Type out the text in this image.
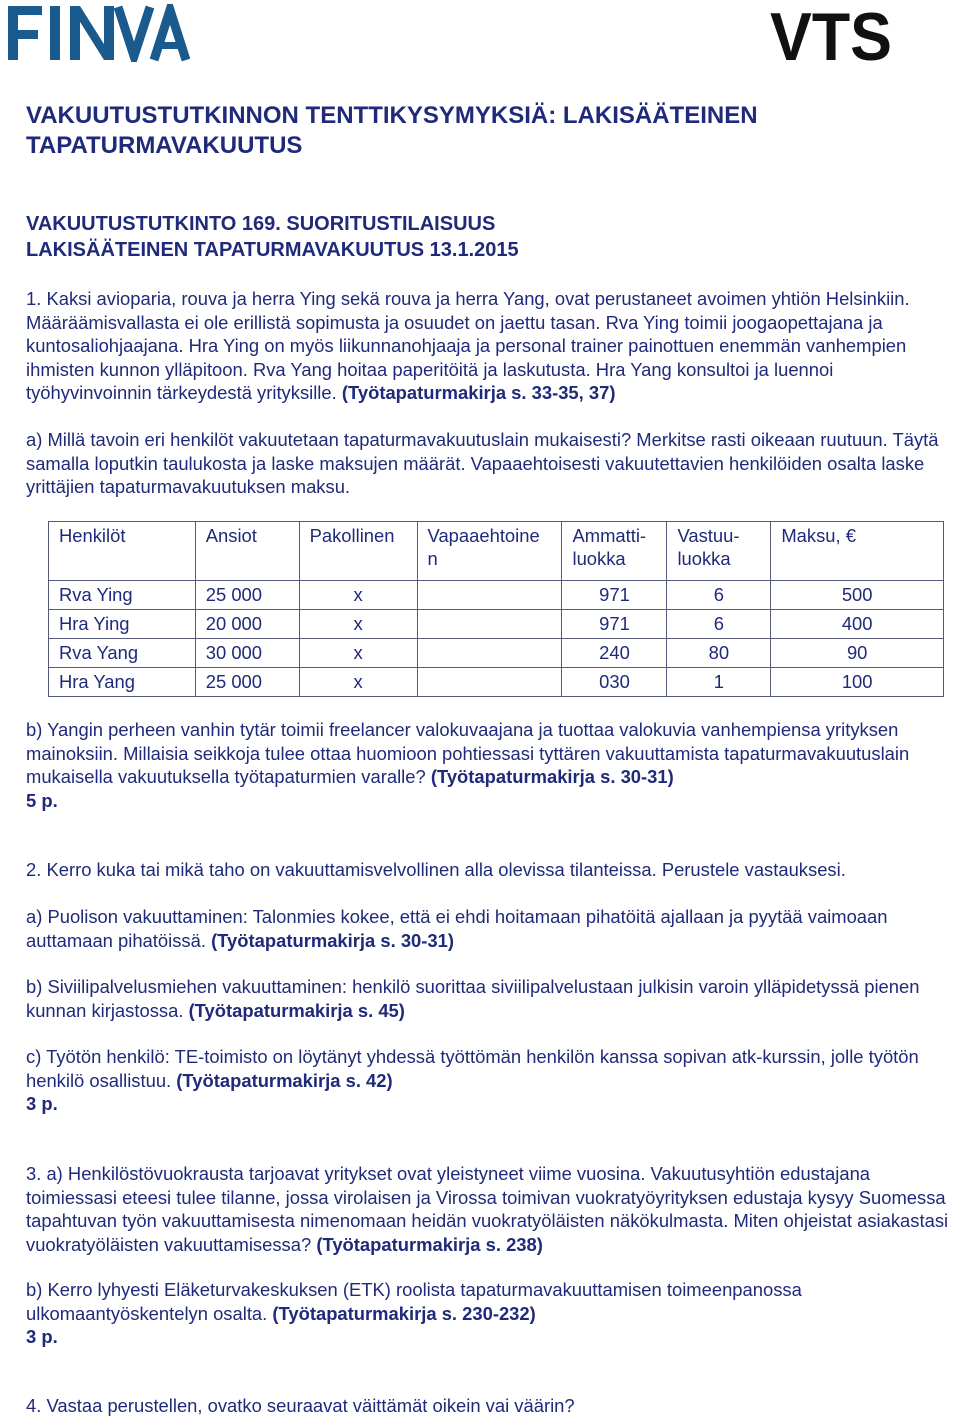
VTS
VAKUUTUSTUTKINNON TENTTIKYSYMYKSIÄ: LAKISÄÄTEINEN
TAPATURMAVAKUUTUS
VAKUUTUSTUTKINTO 169. SUORITUSTILAISUUS
LAKISÄÄTEINEN TAPATURMAVAKUUTUS 13.1.2015

1. Kaksi avioparia, rouva ja herra Ying sekä rouva ja herra Yang, ovat perustaneet avoimen yhtiön Helsinkiin. Määräämisvallasta ei ole erillistä sopimusta ja osuudet on jaettu tasan. Rva Ying toimii joogaopettajana ja kuntosaliohjaajana. Hra Ying on myös liikunnanohjaaja ja personal trainer painottuen enemmän vanhempien ihmisten kunnon ylläpitoon. Rva Yang hoitaa paperitöitä ja laskutusta. Hra Yang konsultoi ja luennoi työhyvinvoinnin tärkeydestä yrityksille. (Työtapaturmakirja s. 33-35, 37)

a) Millä tavoin eri henkilöt vakuutetaan tapaturmavakuutuslain mukaisesti? Merkitse rasti oikeaan ruutuun. Täytä samalla loputkin taulukosta ja laske maksujen määrät. Vapaaehtoisesti vakuutettavien henkilöiden osalta laske yrittäjien tapaturmavakuutuksen maksu.

Henkilöt	Ansiot	Pakollinen	Vapaaehtoine n	Ammatti- luokka	Vastuu- luokka	Maksu, €
Rva Ying	25 000	x		971	6	500
Hra Ying	20 000	x		971	6	400
Rva Yang	30 000	x		240	80	90
Hra Yang	25 000	x		030	1	100

b) Yangin perheen vanhin tytär toimii freelancer valokuvaajana ja tuottaa valokuvia vanhempiensa yrityksen mainoksiin. Millaisia seikkoja tulee ottaa huomioon pohtiessasi tyttären vakuuttamista tapaturmavakuutuslain mukaisella vakuutuksella työtapaturmien varalle? (Työtapaturmakirja s. 30-31)
5 p.

2. Kerro kuka tai mikä taho on vakuuttamisvelvollinen alla olevissa tilanteissa. Perustele vastauksesi.

a) Puolison vakuuttaminen: Talonmies kokee, että ei ehdi hoitamaan pihatöitä ajallaan ja pyytää vaimoaan auttamaan pihatöissä. (Työtapaturmakirja s. 30-31)

b) Siviilipalvelusmiehen vakuuttaminen: henkilö suorittaa siviilipalvelustaan julkisin varoin ylläpidetyssä pienen kunnan kirjastossa. (Työtapaturmakirja s. 45)

c) Työtön henkilö: TE-toimisto on löytänyt yhdessä työttömän henkilön kanssa sopivan atk-kurssin, jolle työtön henkilö osallistuu. (Työtapaturmakirja s. 42)
3 p.

3. a) Henkilöstövuokrausta tarjoavat yritykset ovat yleistyneet viime vuosina. Vakuutusyhtiön edustajana toimiessasi eteesi tulee tilanne, jossa virolaisen ja Virossa toimivan vuokratyöyrityksen edustaja kysyy Suomessa tapahtuvan työn vakuuttamisesta nimenomaan heidän vuokratyöläisten näkökulmasta. Miten ohjeistat asiakastasi vuokratyöläisten vakuuttamisessa? (Työtapaturmakirja s. 238)

b) Kerro lyhyesti Eläketurvakeskuksen (ETK) roolista tapaturmavakuuttamisen toimeenpanossa ulkomaantyöskentelyn osalta. (Työtapaturmakirja s. 230-232)
3 p.

4. Vastaa perustellen, ovatko seuraavat väittämät oikein vai väärin?
